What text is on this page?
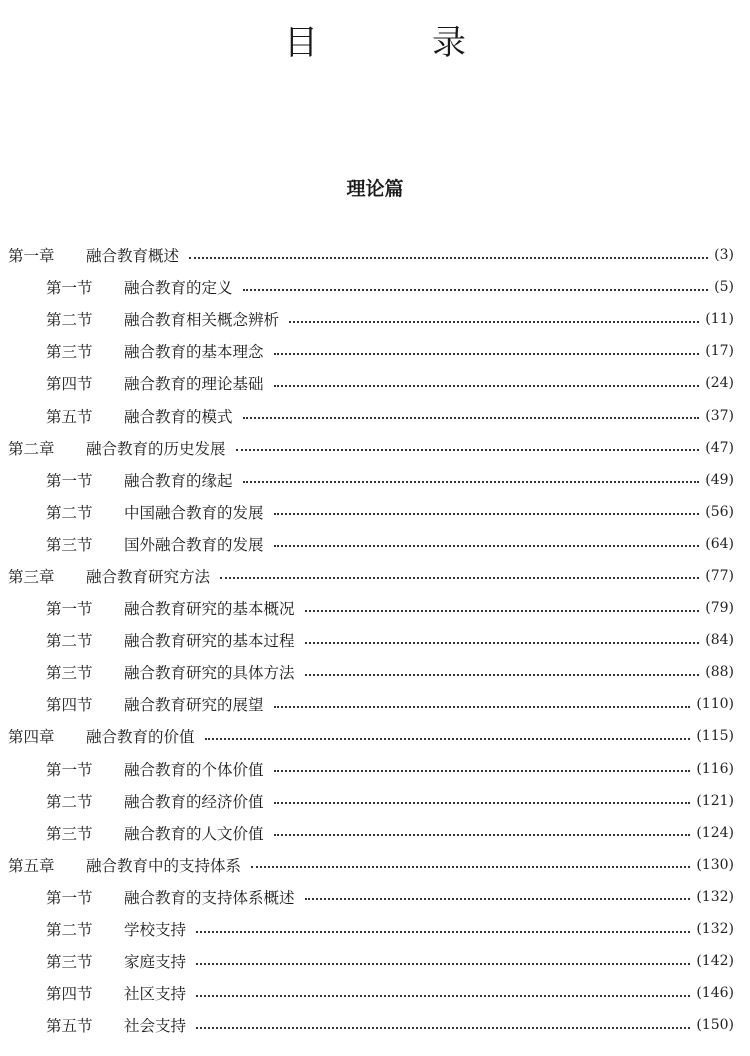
目　录
理论篇
第一章	融合教育概述	(3)
第一节	融合教育的定义	(5)
第二节	融合教育相关概念辨析	(11)
第三节	融合教育的基本理念	(17)
第四节	融合教育的理论基础	(24)
第五节	融合教育的模式	(37)
第二章	融合教育的历史发展	(47)
第一节	融合教育的缘起	(49)
第二节	中国融合教育的发展	(56)
第三节	国外融合教育的发展	(64)
第三章	融合教育研究方法	(77)
第一节	融合教育研究的基本概况	(79)
第二节	融合教育研究的基本过程	(84)
第三节	融合教育研究的具体方法	(88)
第四节	融合教育研究的展望	(110)
第四章	融合教育的价值	(115)
第一节	融合教育的个体价值	(116)
第二节	融合教育的经济价值	(121)
第三节	融合教育的人文价值	(124)
第五章	融合教育中的支持体系	(130)
第一节	融合教育的支持体系概述	(132)
第二节	学校支持	(132)
第三节	家庭支持	(142)
第四节	社区支持	(146)
第五节	社会支持	(150)
